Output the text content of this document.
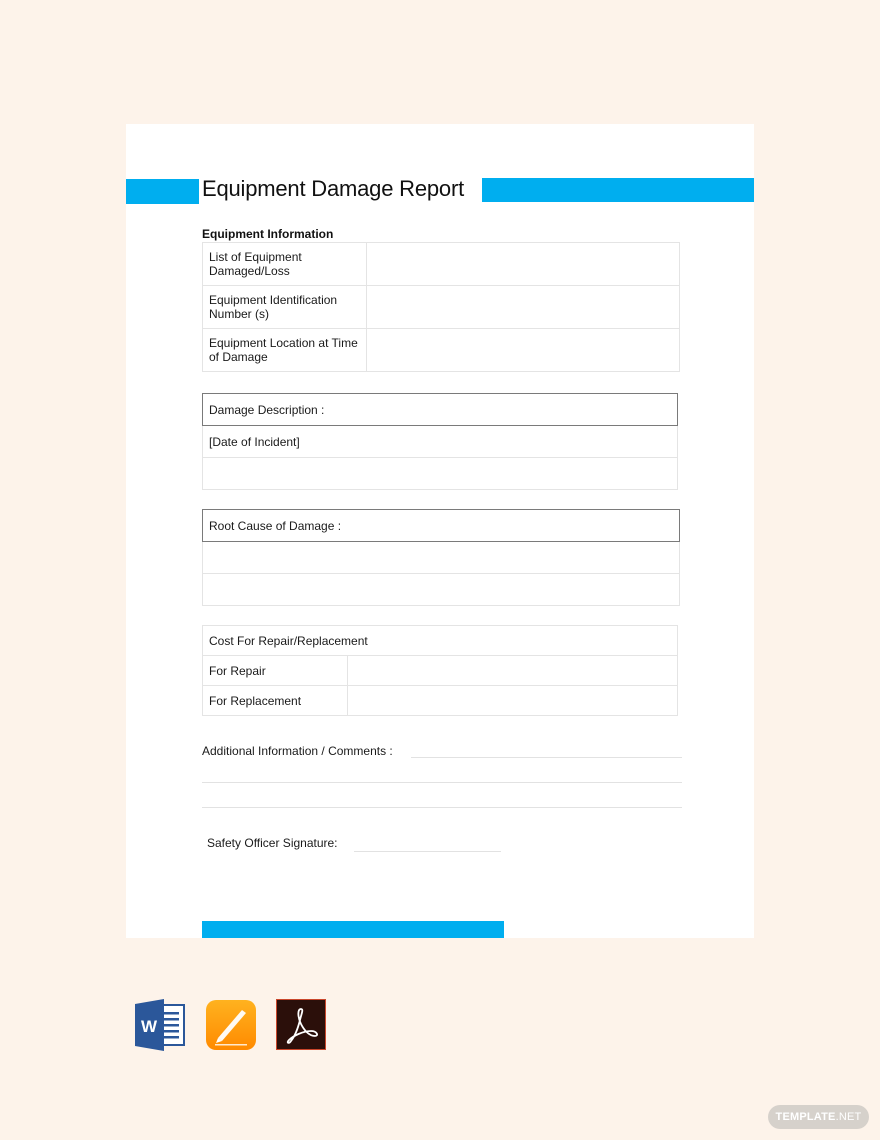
Equipment Damage Report
Equipment Information
List of Equipment Damaged/Loss	
Equipment Identification Number (s)	
Equipment Location at Time of Damage	
Damage Description :
[Date of Incident]

Root Cause of Damage :

Cost For Repair/Replacement	
For Repair	
For Replacement	
Additional Information / Comments :
Safety Officer Signature:
W
TEMPLATE.NET
